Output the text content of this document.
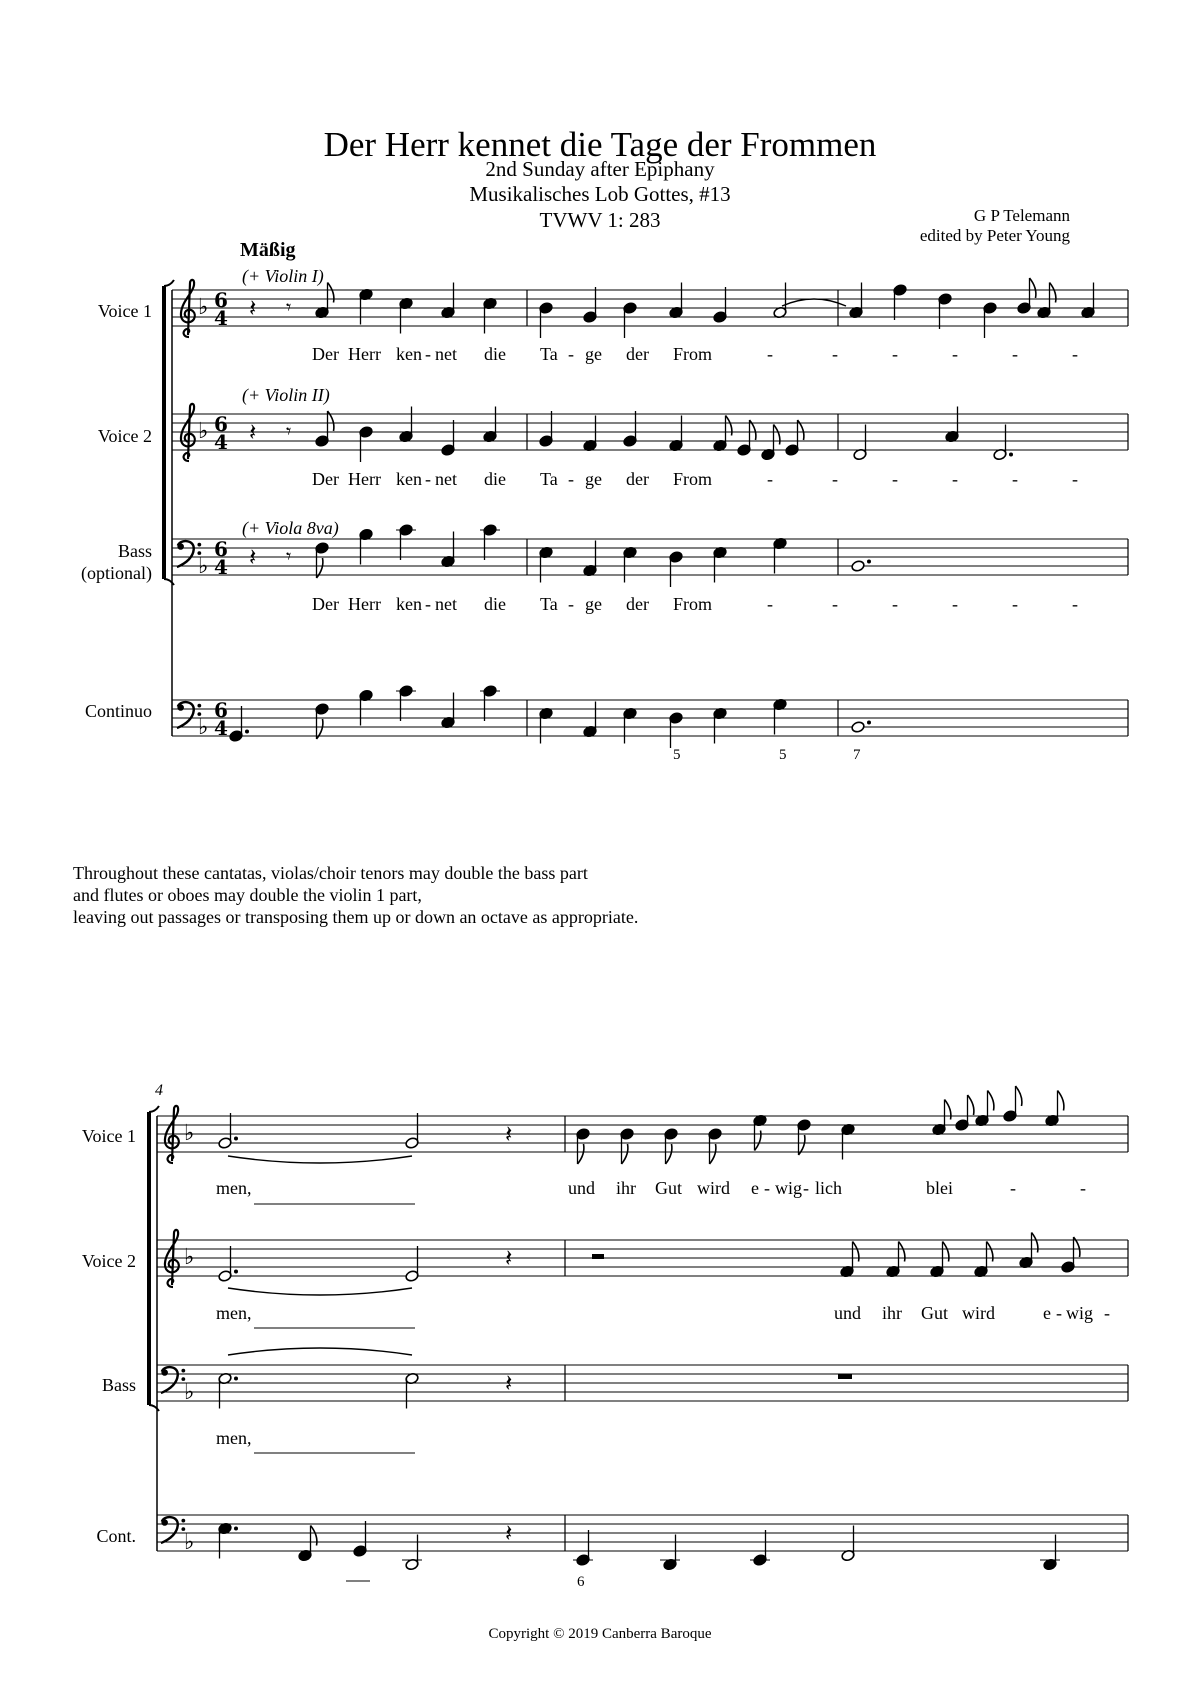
Der Herr kennet die Tage der Frommen
2nd Sunday after Epiphany
Musikalisches Lob Gottes, #13
TVWV 1: 283	G P Telemann
edited by Peter Young
Mäßig
Voice 1
Voice 2
Bass
(optional)
Continuo
(+ Violin I)
(+ Violin II)
(+ Viola 8va)
Der Herr ken - net die Ta - ge der From	-	-	-	-	-	-
Der Herr ken - net die Ta - ge der From	-	-	-	-	-	-
Der Herr ken - net die Ta - ge der From	-	-	-	-	-	-
5	5	7
Throughout these cantatas, violas/choir tenors may double the bass part
and flutes or oboes may double the violin 1 part,
leaving out passages or transposing them up or down an octave as appropriate.
4
Voice 1
Voice 2
Bass
Cont.
men,	und ihr Gut wird e - wig - lich	blei	-	-
men,	und ihr Gut wird	e - wig -
men,
6
Copyright © 2019 Canberra Baroque
♭
♭
♭
♭
6
4
6
4
6
4
6
4
𝄽 𝄾
𝄽 𝄾
𝄽 𝄾
♭
♭
♭
♭
𝄽
𝄽
𝄽
𝄽
